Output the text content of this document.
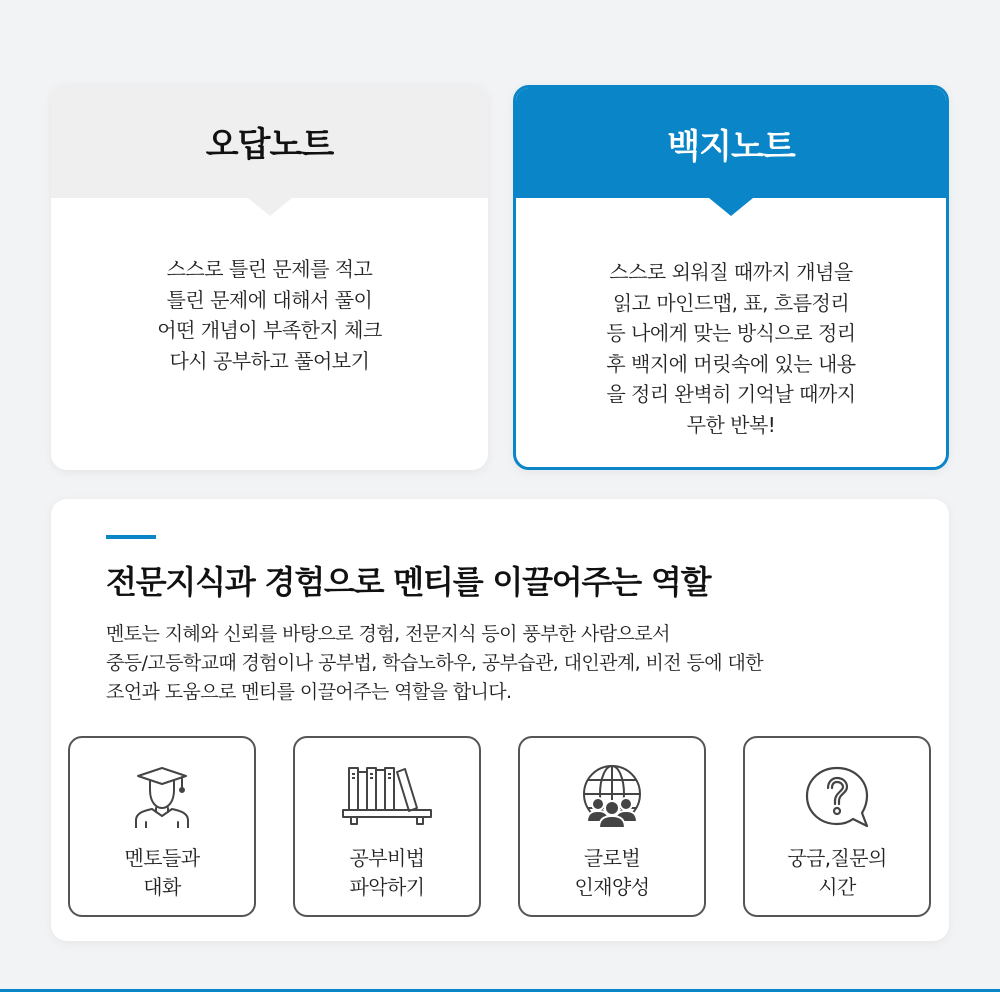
오답노트
스스로 틀린 문제를 적고
틀린 문제에 대해서 풀이
어떤 개념이 부족한지 체크
다시 공부하고 풀어보기
백지노트
스스로 외워질 때까지 개념을
읽고 마인드맵, 표, 흐름정리
등 나에게 맞는 방식으로 정리
후 백지에 머릿속에 있는 내용
을 정리 완벽히 기억날 때까지
무한 반복!
전문지식과 경험으로 멘티를 이끌어주는 역할
멘토는 지혜와 신뢰를 바탕으로 경험, 전문지식 등이 풍부한 사람으로서
중등/고등학교때 경험이나 공부법, 학습노하우, 공부습관, 대인관계, 비전 등에 대한
조언과 도움으로 멘티를 이끌어주는 역할을 합니다.
멘토들과
대화
공부비법
파악하기
글로벌
인재양성
궁금,질문의
시간
